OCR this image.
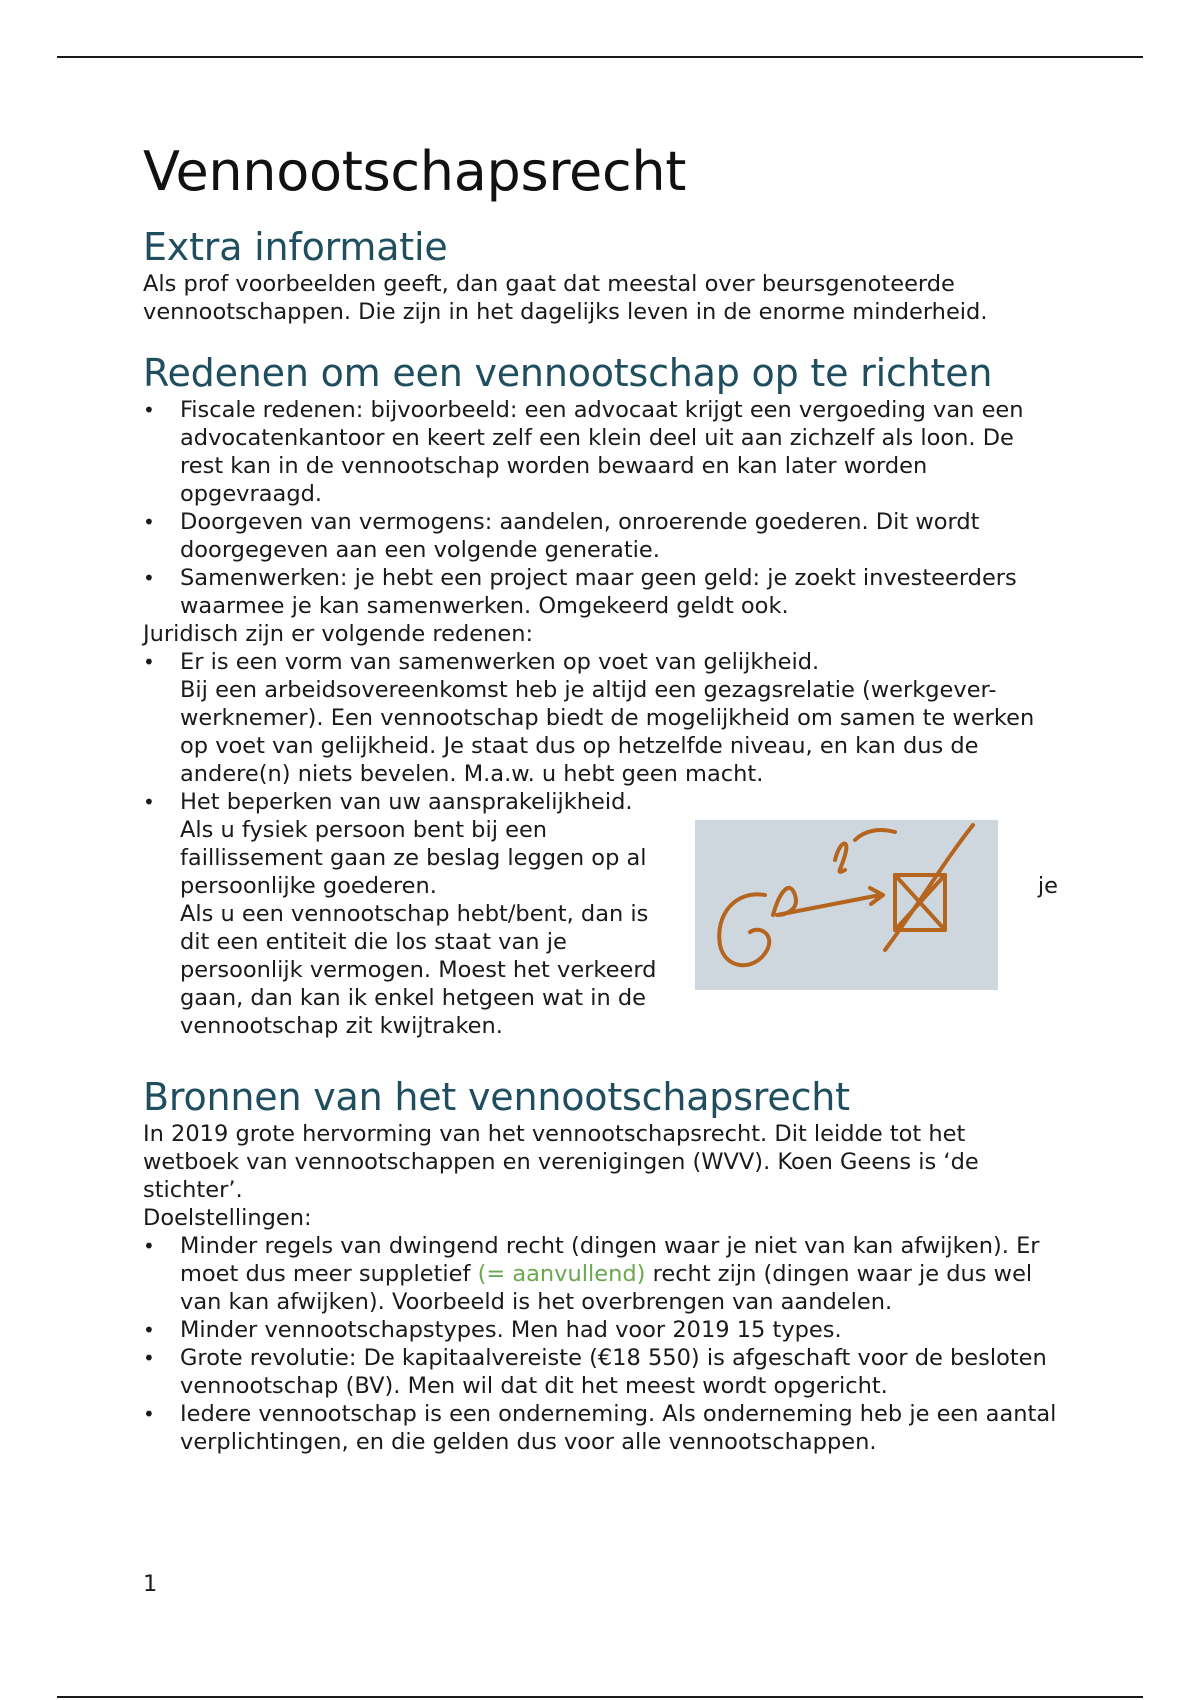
Vennootschapsrecht
Extra informatie

Als prof voorbeelden geeft, dan gaat dat meestal over beursgenoteerde vennootschappen. Die zijn in het dagelijks leven in de enorme minderheid.

Redenen om een vennootschap op te richten
• Fiscale redenen: bijvoorbeeld: een advocaat krijgt een vergoeding van een advocatenkantoor en keert zelf een klein deel uit aan zichzelf als loon. De rest kan in de vennootschap worden bewaard en kan later worden opgevraagd.
• Doorgeven van vermogens: aandelen, onroerende goederen. Dit wordt doorgegeven aan een volgende generatie.
• Samenwerken: je hebt een project maar geen geld: je zoekt investeerders waarmee je kan samenwerken. Omgekeerd geldt ook.

Juridisch zijn er volgende redenen:

• Er is een vorm van samenwerken op voet van gelijkheid.
Bij een arbeidsovereenkomst heb je altijd een gezagsrelatie (werkgever-werknemer). Een vennootschap biedt de mogelijkheid om samen te werken op voet van gelijkheid. Je staat dus op hetzelfde niveau, en kan dus de andere(n) niets bevelen. M.a.w. u hebt geen macht.
• Het beperken van uw aansprakelijkheid.
je
Als u fysiek persoon bent bij een faillissement gaan ze beslag leggen op al
persoonlijke goederen.
Als u een vennootschap hebt/bent, dan is dit een entiteit die los staat van je persoonlijk vermogen. Moest het verkeerd gaan, dan kan ik enkel hetgeen wat in de vennootschap zit kwijtraken.
Bronnen van het vennootschapsrecht

In 2019 grote hervorming van het vennootschapsrecht. Dit leidde tot het wetboek van vennootschappen en verenigingen (WVV). Koen Geens is ‘de stichter’.

Doelstellingen:

• Minder regels van dwingend recht (dingen waar je niet van kan afwijken). Er moet dus meer suppletief (= aanvullend) recht zijn (dingen waar je dus wel van kan afwijken). Voorbeeld is het overbrengen van aandelen.
• Minder vennootschapstypes. Men had voor 2019 15 types.
• Grote revolutie: De kapitaalvereiste (€18 550) is afgeschaft voor de besloten vennootschap (BV). Men wil dat dit het meest wordt opgericht.
• Iedere vennootschap is een onderneming. Als onderneming heb je een aantal verplichtingen, en die gelden dus voor alle vennootschappen.
1
